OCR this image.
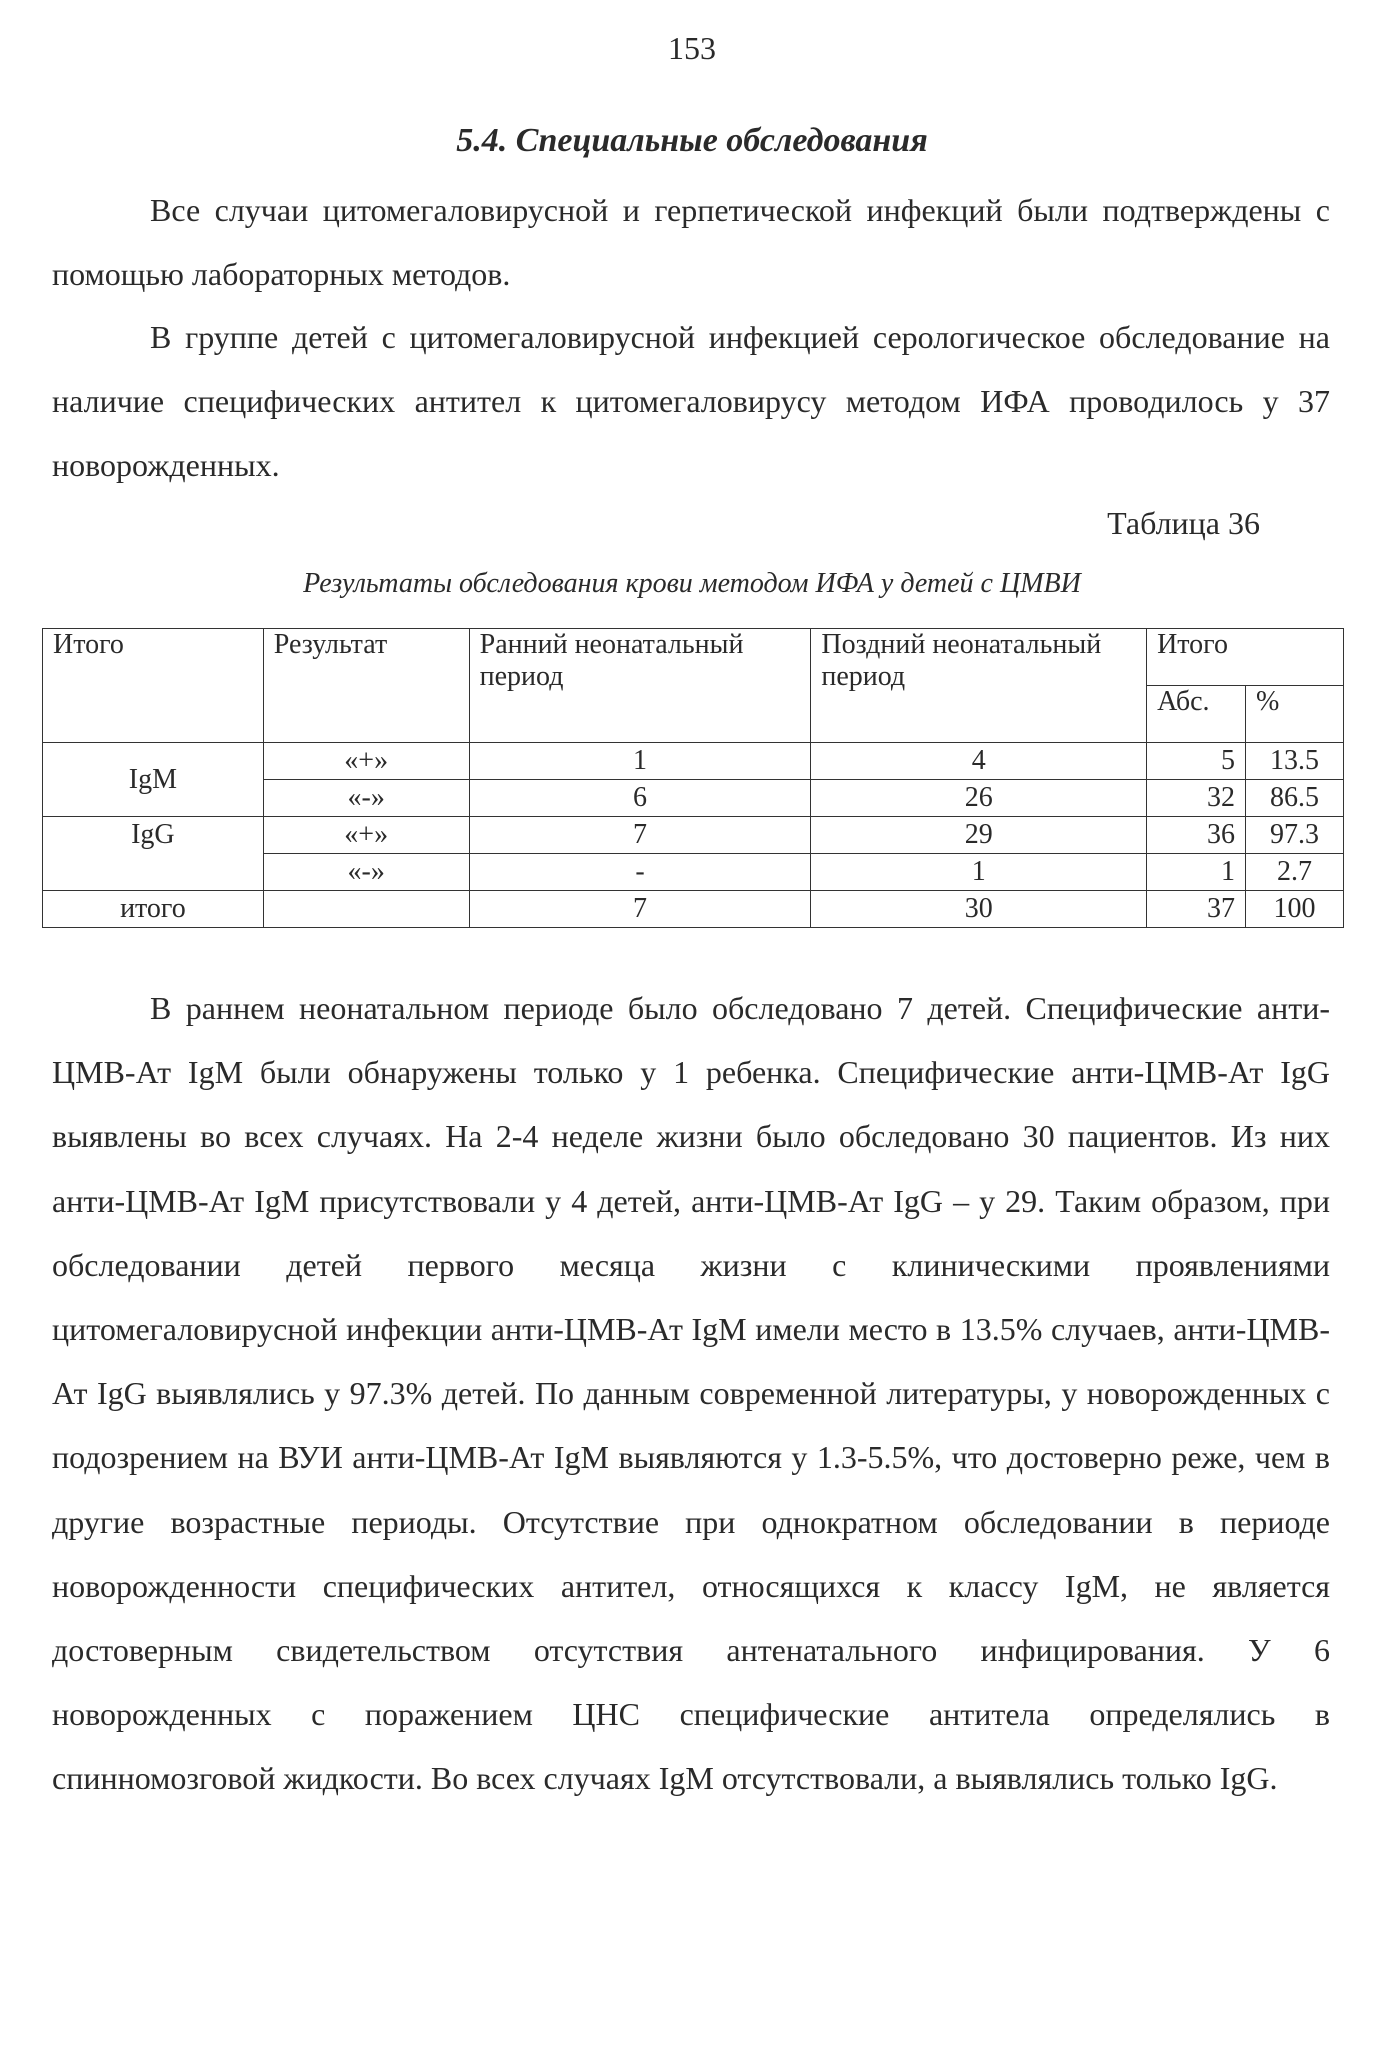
153
5.4. Специальные обследования

Все случаи цитомегаловирусной и герпетической инфекций были подтверждены с помощью лабораторных методов.

В группе детей с цитомегаловирусной инфекцией серологическое обследование на наличие специфических антител к цитомегаловирусу методом ИФА проводилось у 37 новорожденных.

Таблица 36
Результаты обследования крови методом ИФА у детей с ЦМВИ
Итого	Результат	Ранний неонатальный период	Поздний неонатальный период	Итого	
				Абс.	%
IgM	«+»	1	4	5	13.5
	«-»	6	26	32	86.5
IgG	«+»	7	29	36	97.3
	«-»	-	1	1	2.7
итого		7	30	37	100

В раннем неонатальном периоде было обследовано 7 детей. Специфические анти-ЦМВ-Ат IgM были обнаружены только у 1 ребенка. Специфические анти-ЦМВ-Ат IgG выявлены во всех случаях. На 2-4 неделе жизни было обследовано 30 пациентов. Из них анти-ЦМВ-Ат IgM присутствовали у 4 детей, анти-ЦМВ-Ат IgG – у 29. Таким образом, при обследовании детей первого месяца жизни с клиническими проявлениями цитомегаловирусной инфекции анти-ЦМВ-Ат IgM имели место в 13.5% случаев, анти-ЦМВ-Ат IgG выявлялись у 97.3% детей. По данным современной литературы, у новорожденных с подозрением на ВУИ анти-ЦМВ-Ат IgM выявляются у 1.3-5.5%, что достоверно реже, чем в другие возрастные периоды. Отсутствие при однократном обследовании в периоде новорожденности специфических антител, относящихся к классу IgM, не является достоверным свидетельством отсутствия антенатального инфицирования. У 6 новорожденных с поражением ЦНС специфические антитела определялись в спинномозговой жидкости. Во всех случаях IgM отсутствовали, а выявлялись только IgG.
